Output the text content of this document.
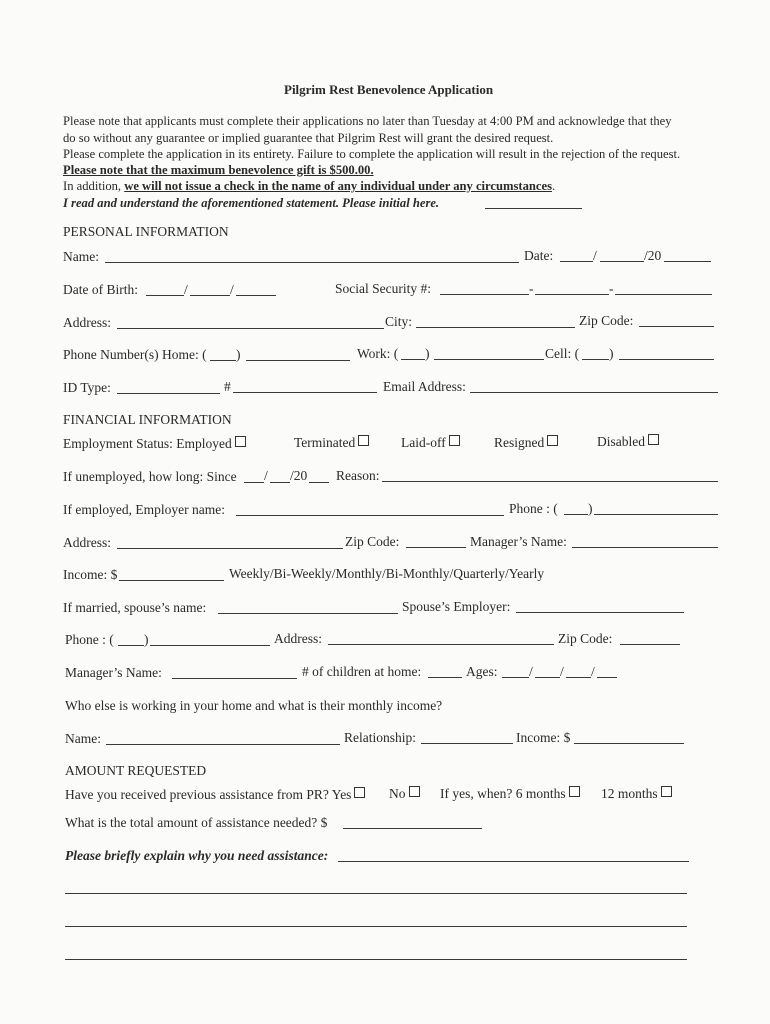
Pilgrim Rest Benevolence Application
Please note that applicants must complete their applications no later than Tuesday at 4:00 PM and acknowledge that they
do so without any guarantee or implied guarantee that Pilgrim Rest will grant the desired request.
Please complete the application in its entirety. Failure to complete the application will result in the rejection of the request.
Please note that the maximum benevolence gift is $500.00.
In addition, we will not issue a check in the name of any individual under any circumstances.
I read and understand the aforementioned statement. Please initial here.
PERSONAL INFORMATION
Name:	Date:	/	/20
Date of Birth:	/	/	Social Security #:	-	-
Address:	City:	Zip Code:
Phone Number(s) Home: ( )	Work: ( )	Cell: ( )
ID Type:	#	Email Address:
FINANCIAL INFORMATION
Employment Status: Employed	Terminated	Laid-off	Resigned	Disabled
If unemployed, how long: Since / /20 Reason:
If employed, Employer name:	Phone : ( )
Address:	Zip Code:	Manager’s Name:
Income: $	Weekly/Bi-Weekly/Monthly/Bi-Monthly/Quarterly/Yearly
If married, spouse’s name:	Spouse’s Employer:
Phone : ( )	Address:	Zip Code:
Manager’s Name:	# of children at home:	Ages: / / /
Who else is working in your home and what is their monthly income?
Name:	Relationship:	Income: $
AMOUNT REQUESTED
Have you received previous assistance from PR? Yes	No	If yes, when? 6 months	12 months
What is the total amount of assistance needed? $
Please briefly explain why you need assistance:
